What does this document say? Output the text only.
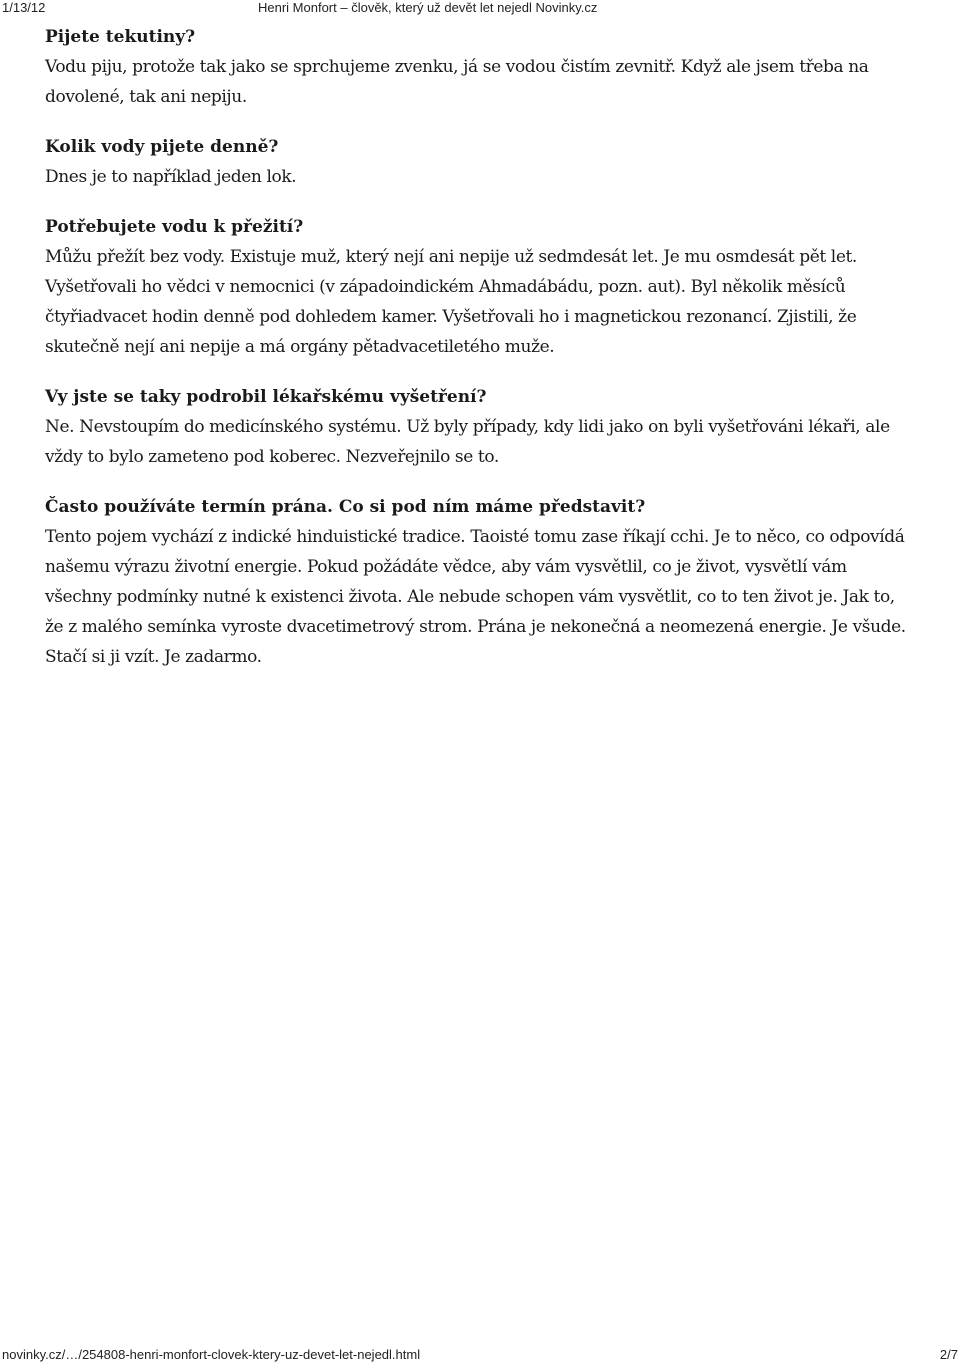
1/13/12	Henri Monfort – člověk, který už devět let nejedl Novinky.cz

Pijete tekutiny?

Vodu piju, protože tak jako se sprchujeme zvenku, já se vodou čistím zevnitř. Když ale jsem třeba na dovolené, tak ani nepiju.

Kolik vody pijete denně?

Dnes je to například jeden lok.

Potřebujete vodu k přežití?

Můžu přežít bez vody. Existuje muž, který nejí ani nepije už sedmdesát let. Je mu osmdesát pět let. Vyšetřovali ho vědci v nemocnici (v západoindickém Ahmadábádu, pozn. aut). Byl několik měsíců čtyřiadvacet hodin denně pod dohledem kamer. Vyšetřovali ho i magnetickou rezonancí. Zjistili, že skutečně nejí ani nepije a má orgány pětadvacetiletého muže.

Vy jste se taky podrobil lékařskému vyšetření?

Ne. Nevstoupím do medicínského systému. Už byly případy, kdy lidi jako on byli vyšetřováni lékaři, ale vždy to bylo zameteno pod koberec. Nezveřejnilo se to.

Často používáte termín prána. Co si pod ním máme představit?

Tento pojem vychází z indické hinduistické tradice. Taoisté tomu zase říkají cchi. Je to něco, co odpovídá našemu výrazu životní energie. Pokud požádáte vědce, aby vám vysvětlil, co je život, vysvětlí vám všechny podmínky nutné k existenci života. Ale nebude schopen vám vysvětlit, co to ten život je. Jak to, že z malého semínka vyroste dvacetimetrový strom. Prána je nekonečná a neomezená energie. Je všude. Stačí si ji vzít. Je zadarmo.

novinky.cz/…/254808-henri-monfort-clovek-ktery-uz-devet-let-nejedl.html	2/7
